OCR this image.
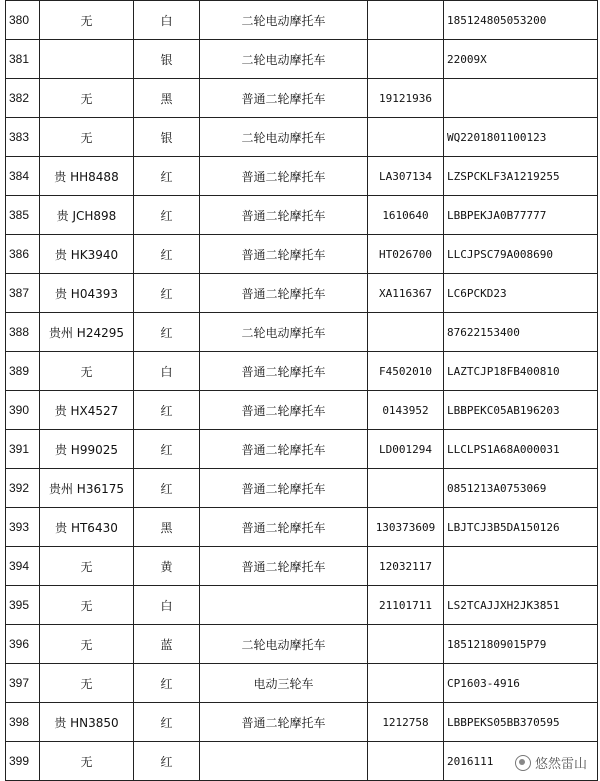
380	无	白	二轮电动摩托车		185124805053200
381		银	二轮电动摩托车		22009X
382	无	黑	普通二轮摩托车	19121936	
383	无	银	二轮电动摩托车		WQ2201801100123
384	贵 HH8488	红	普通二轮摩托车	LA307134	LZSPCKLF3A1219255
385	贵 JCH898	红	普通二轮摩托车	1610640	LBBPEKJA0B77777
386	贵 HK3940	红	普通二轮摩托车	HT026700	LLCJPSC79A008690
387	贵 H04393	红	普通二轮摩托车	XA116367	LC6PCKD23
388	贵州 H24295	红	二轮电动摩托车		87622153400
389	无	白	普通二轮摩托车	F4502010	LAZTCJP18FB400810
390	贵 HX4527	红	普通二轮摩托车	0143952	LBBPEKC05AB196203
391	贵 H99025	红	普通二轮摩托车	LD001294	LLCLPS1A68A000031
392	贵州 H36175	红	普通二轮摩托车		0851213A0753069
393	贵 HT6430	黑	普通二轮摩托车	130373609	LBJTCJ3B5DA150126
394	无	黄	普通二轮摩托车	12032117	
395	无	白		21101711	LS2TCAJJXH2JK3851
396	无	蓝	二轮电动摩托车		185121809015P79
397	无	红	电动三轮车		CP1603-4916
398	贵 HN3850	红	普通二轮摩托车	1212758	LBBPEKS05BB370595
399	无	红			2016111	悠然雷山
